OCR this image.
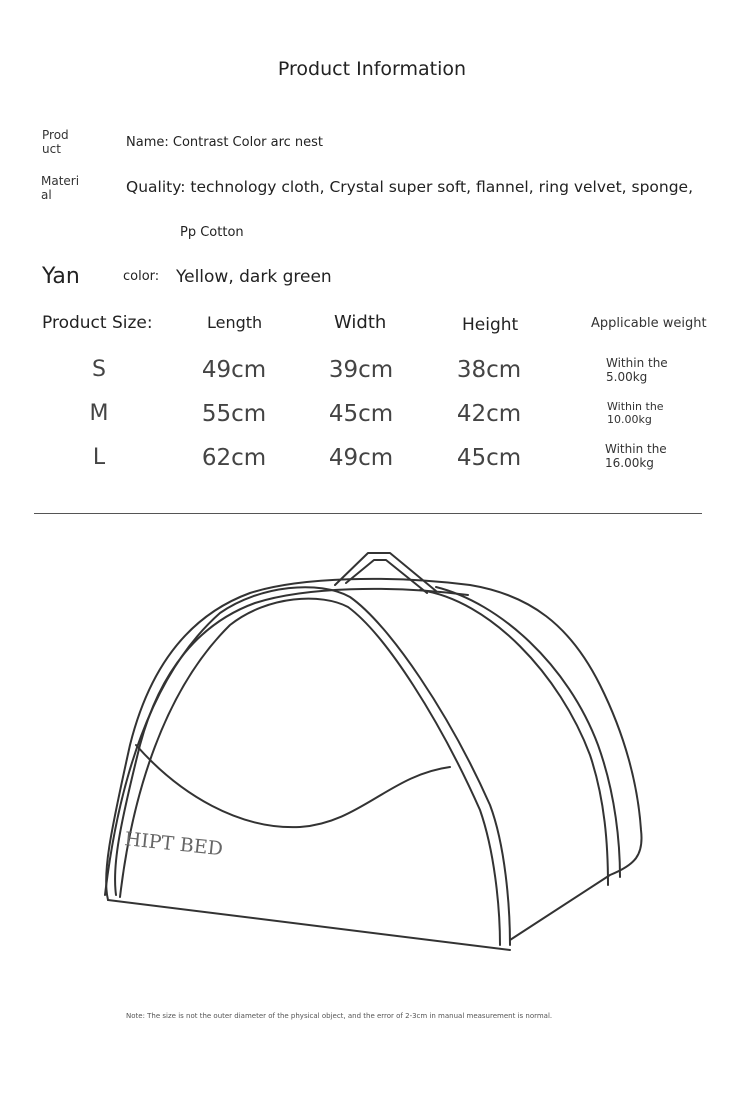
Product Information
Prod
uct	Name: Contrast Color arc nest
Materi
al	Quality: technology cloth, Crystal super soft, flannel, ring velvet, sponge,
Pp Cotton
Yan	color: Yellow, dark green
Product Size:	Length	Width	Height	Applicable weight
S	49cm	39cm	38cm	Within the
5.00kg
M	55cm	45cm	42cm	Within the
10.00kg
L	62cm	49cm	45cm	Within the
16.00kg
HIPT BED
Note: The size is not the outer diameter of the physical object, and the error of 2-3cm in manual measurement is normal.
